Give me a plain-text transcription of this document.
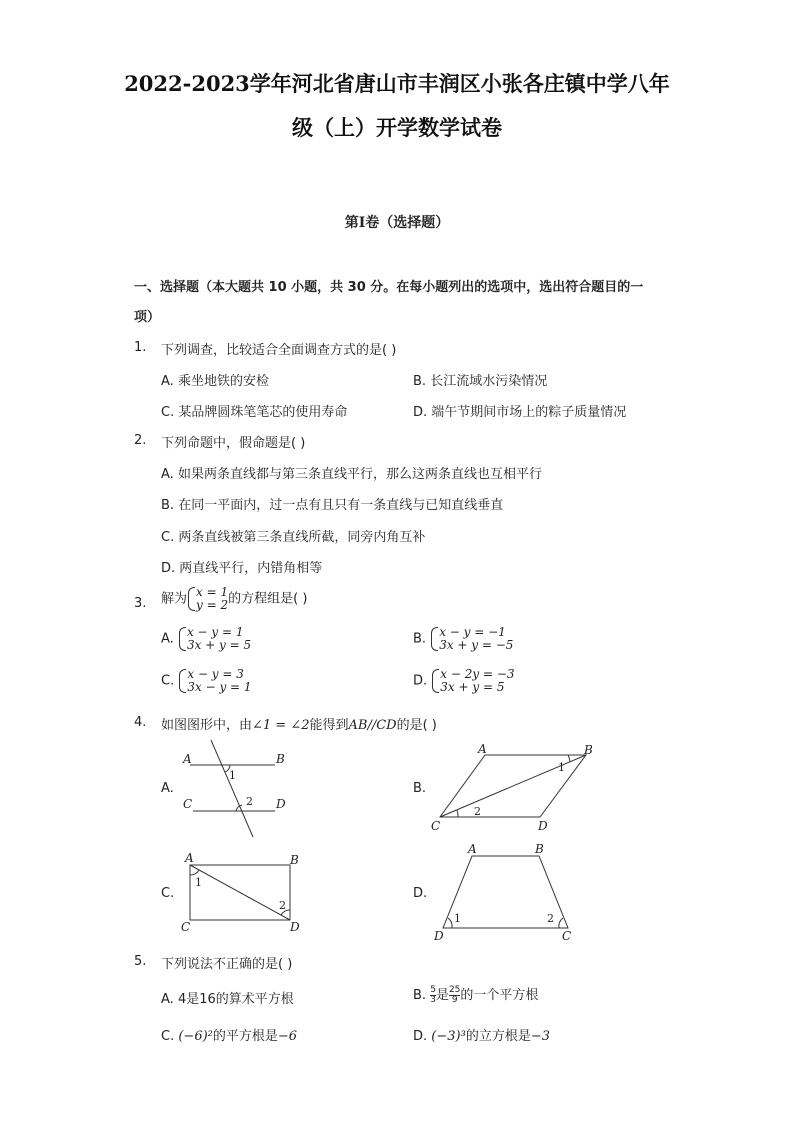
2022-2023学年河北省唐山市丰润区小张各庄镇中学八年
级（上）开学数学试卷
第I卷（选择题）
一、选择题（本大题共 10 小题，共 30 分。在每小题列出的选项中，选出符合题目的一
项）
1. 下列调查，比较适合全面调查方式的是( )
A. 乘坐地铁的安检	B. 长江流域水污染情况
C. 某品牌圆珠笔笔芯的使用寿命	D. 端午节期间市场上的粽子质量情况
2. 下列命题中，假命题是( )
A. 如果两条直线都与第三条直线平行，那么这两条直线也互相平行
B. 在同一平面内，过一点有且只有一条直线与已知直线垂直
C. 两条直线被第三条直线所截，同旁内角互补
D. 两直线平行，内错角相等
3. 解为 x = 1
y = 2 的方程组是( )
A. x − y = 1
3x + y = 5	B. x − y = −1
3x + y = −5
C. x − y = 3
3x − y = 1	D. x − 2y = −3
3x + y = 5
4. 如图图形中，由∠1 = ∠2能得到AB//CD的是( )
A.
A	B
C	D
1
2
B.
A	B
C	D
1
2
C.
A	B
C	D
1
2
D.
A	B
D	C
1	2
5. 下列说法不正确的是( )
A. 4是16的算术平方根	B. $\frac{5}{3}$ 是 $\frac{25}{9}$ 的一个平方根
C. (−6)²的平方根是−6	D. (−3)³的立方根是−3
